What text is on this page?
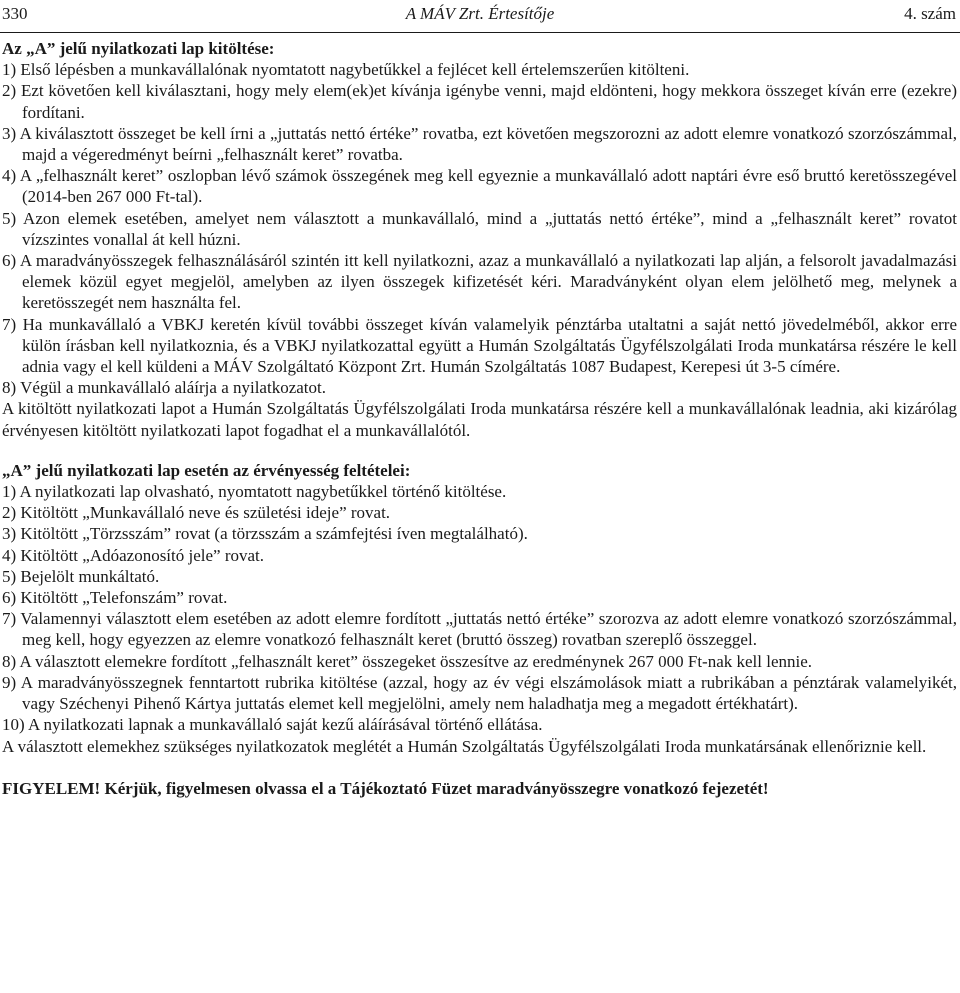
330	A MÁV Zrt. Értesítője	4. szám

Az „A” jelű nyilatkozati lap kitöltése:

1) Első lépésben a munkavállalónak nyomtatott nagybetűkkel a fejlécet kell értelemszerűen kitölteni.

2) Ezt követően kell kiválasztani, hogy mely elem(ek)et kívánja igénybe venni, majd eldönteni, hogy mekkora összeget kíván erre (ezekre) fordítani.

3) A kiválasztott összeget be kell írni a „juttatás nettó értéke” rovatba, ezt követően megszorozni az adott elemre vonatkozó szorzószámmal, majd a végeredményt beírni „felhasznált keret” rovatba.

4) A „felhasznált keret” oszlopban lévő számok összegének meg kell egyeznie a munkavállaló adott naptári évre eső bruttó keretösszegével (2014-ben 267 000 Ft-tal).

5) Azon elemek esetében, amelyet nem választott a munkavállaló, mind a „juttatás nettó értéke”, mind a „felhasznált keret” rovatot vízszintes vonallal át kell húzni.

6) A maradványösszegek felhasználásáról szintén itt kell nyilatkozni, azaz a munkavállaló a nyilatkozati lap alján, a felsorolt javadalmazási elemek közül egyet megjelöl, amelyben az ilyen összegek kifizetését kéri. Maradványként olyan elem jelölhető meg, melynek a keretösszegét nem használta fel.

7) Ha munkavállaló a VBKJ keretén kívül további összeget kíván valamelyik pénztárba utaltatni a saját nettó jövedelméből, akkor erre külön írásban kell nyilatkoznia, és a VBKJ nyilatkozattal együtt a Humán Szolgáltatás Ügyfélszolgálati Iroda munkatársa részére le kell adnia vagy el kell küldeni a MÁV Szolgáltató Központ Zrt. Humán Szolgáltatás 1087 Budapest, Kerepesi út 3-5 címére.

8) Végül a munkavállaló aláírja a nyilatkozatot.

A kitöltött nyilatkozati lapot a Humán Szolgáltatás Ügyfélszolgálati Iroda munkatársa részére kell a munkavállalónak leadnia, aki kizárólag érvényesen kitöltött nyilatkozati lapot fogadhat el a munkavállalótól.

„A” jelű nyilatkozati lap esetén az érvényesség feltételei:

1) A nyilatkozati lap olvasható, nyomtatott nagybetűkkel történő kitöltése.

2) Kitöltött „Munkavállaló neve és születési ideje” rovat.

3) Kitöltött „Törzsszám” rovat (a törzsszám a számfejtési íven megtalálható).

4) Kitöltött „Adóazonosító jele” rovat.

5) Bejelölt munkáltató.

6) Kitöltött „Telefonszám” rovat.

7) Valamennyi választott elem esetében az adott elemre fordított „juttatás nettó értéke” szorozva az adott elemre vonatkozó szorzószámmal, meg kell, hogy egyezzen az elemre vonatkozó felhasznált keret (bruttó összeg) rovatban szereplő összeggel.

8) A választott elemekre fordított „felhasznált keret” összegeket összesítve az eredménynek 267 000 Ft-nak kell lennie.

9) A maradványösszegnek fenntartott rubrika kitöltése (azzal, hogy az év végi elszámolások miatt a rubrikában a pénztárak valamelyikét, vagy Széchenyi Pihenő Kártya juttatás elemet kell megjelölni, amely nem haladhatja meg a megadott értékhatárt).

10) A nyilatkozati lapnak a munkavállaló saját kezű aláírásával történő ellátása.

A választott elemekhez szükséges nyilatkozatok meglétét a Humán Szolgáltatás Ügyfélszolgálati Iroda munkatársának ellenőriznie kell.

FIGYELEM! Kérjük, figyelmesen olvassa el a Tájékoztató Füzet maradványösszegre vonatkozó fejezetét!
